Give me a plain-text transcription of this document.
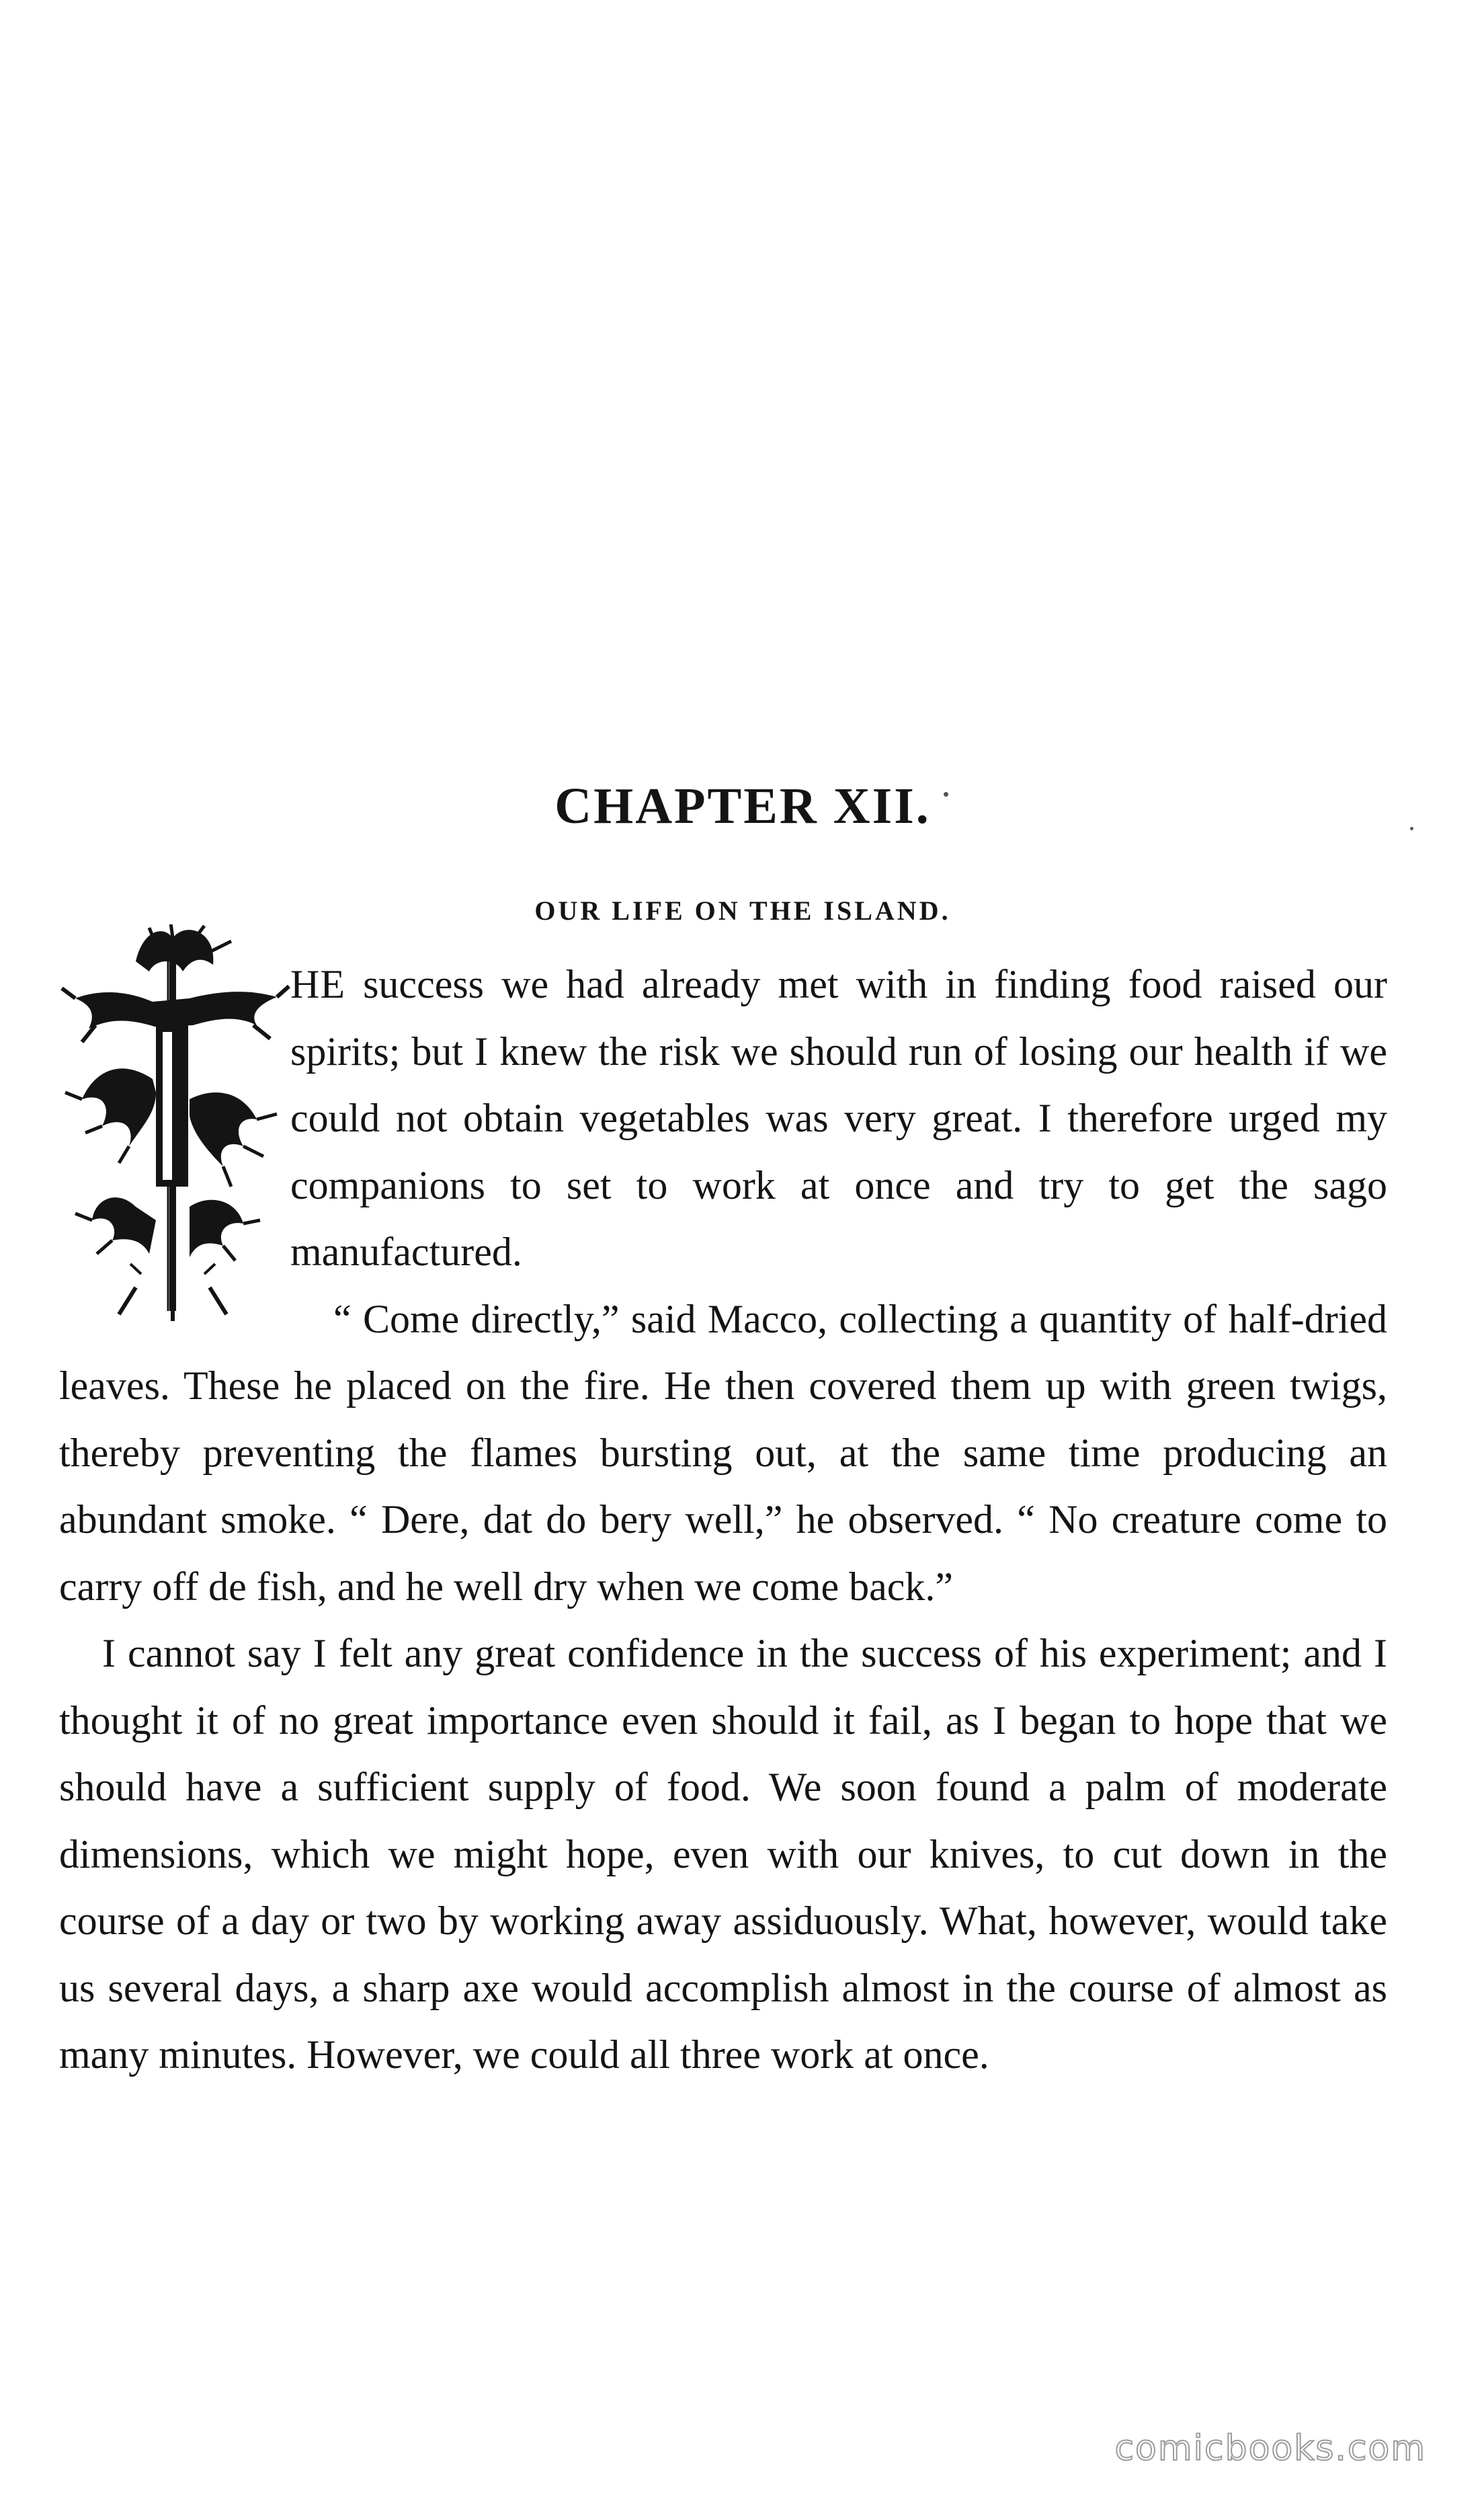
CHAPTER XII.
OUR LIFE ON THE ISLAND.

HE success we had already met with in finding food raised our spirits; but I knew the risk we should run of losing our health if we could not obtain vegetables was very great. I therefore urged my companions to set to work at once and try to get the sago manufactured.

“ Come directly,” said Macco, collecting a quantity of half-dried leaves. These he placed on the fire. He then covered them up with green twigs, thereby preventing the flames bursting out, at the same time producing an abundant smoke. “ Dere, dat do bery well,” he observed. “ No creature come to carry off de fish, and he well dry when we come back.”

I cannot say I felt any great confidence in the success of his experiment; and I thought it of no great importance even should it fail, as I began to hope that we should have a sufficient supply of food. We soon found a palm of moderate dimensions, which we might hope, even with our knives, to cut down in the course of a day or two by working away assiduously. What, however, would take us several days, a sharp axe would accomplish almost in the course of almost as many minutes. However, we could all three work at once.

comicbooks.com
